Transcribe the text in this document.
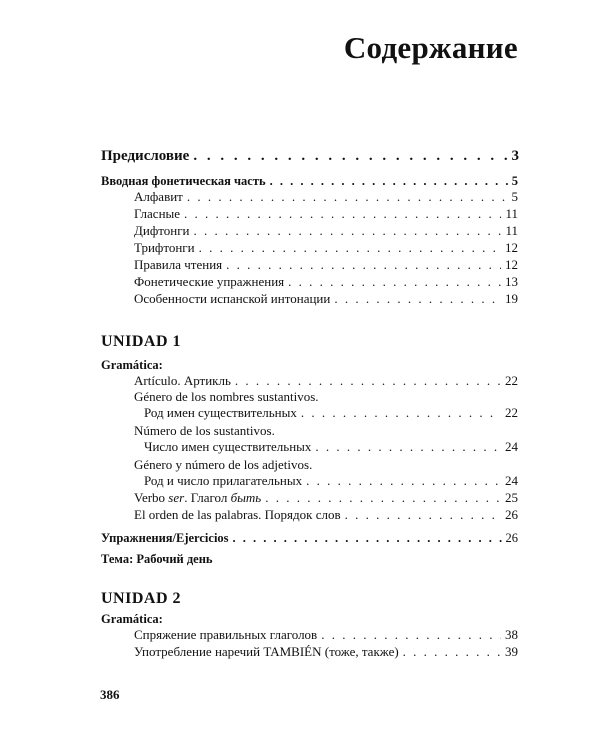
Содержание
Предисловие . . .	3
Вводная фонетическая часть . . .	5
Алфавит . . .	5
Гласные . . .	11
Дифтонги . . .	11
Трифтонги . . .	12
Правила чтения . . .	12
Фонетические упражнения . . .	13
Особенности испанской интонации . . .	19
UNIDAD 1
Gramática:
Artículo. Артикль . . .	22
Género de los nombres sustantivos.
Род имен существительных . . .	22
Número de los sustantivos.
Число имен существительных . . .	24
Género y número de los adjetivos.
Род и число прилагательных . . .	24
Verbo ser. Глагол быть . . .	25
El orden de las palabras. Порядок слов . . .	26
Упражнения/Ejercicios . . .	26
Тема: Рабочий день
UNIDAD 2
Gramática:
Спряжение правильных глаголов . . .	38
Употребление наречий TAMBIÉN (тоже, также) . . .	39
386
